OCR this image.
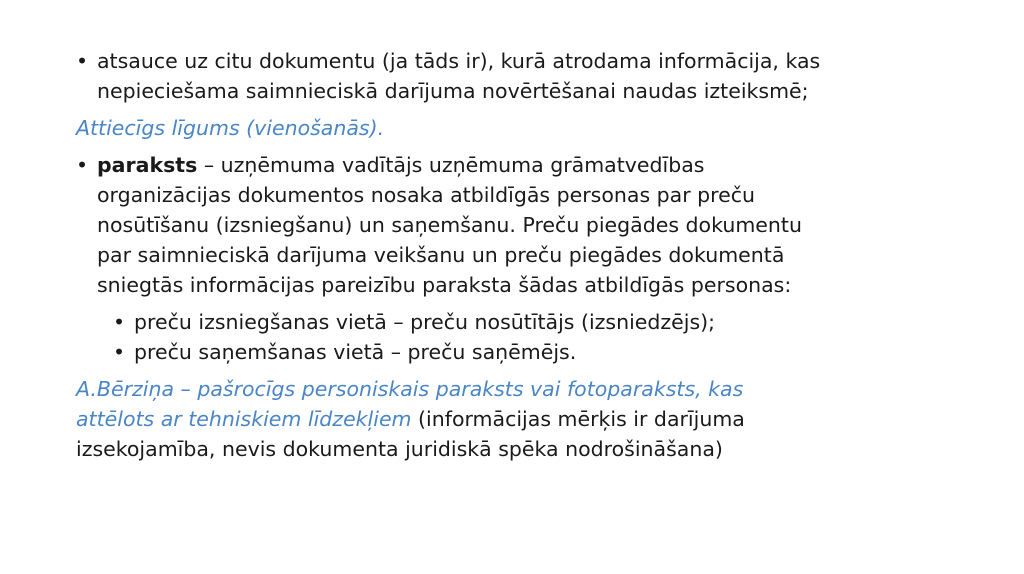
• atsauce uz citu dokumentu (ja tāds ir), kurā atrodama informācija, kas
nepieciešama saimnieciskā darījuma novērtēšanai naudas izteiksmē;
Attiecīgs līgums (vienošanās).
• paraksts – uzņēmuma vadītājs uzņēmuma grāmatvedības
organizācijas dokumentos nosaka atbildīgās personas par preču
nosūtīšanu (izsniegšanu) un saņemšanu. Preču piegādes dokumentu
par saimnieciskā darījuma veikšanu un preču piegādes dokumentā
sniegtās informācijas pareizību paraksta šādas atbildīgās personas:
• preču izsniegšanas vietā – preču nosūtītājs (izsniedzējs);
• preču saņemšanas vietā – preču saņēmējs.
A.Bērziņa – pašrocīgs personiskais paraksts vai fotoparaksts, kas
attēlots ar tehniskiem līdzekļiem (informācijas mērķis ir darījuma
izsekojamība, nevis dokumenta juridiskā spēka nodrošināšana)
